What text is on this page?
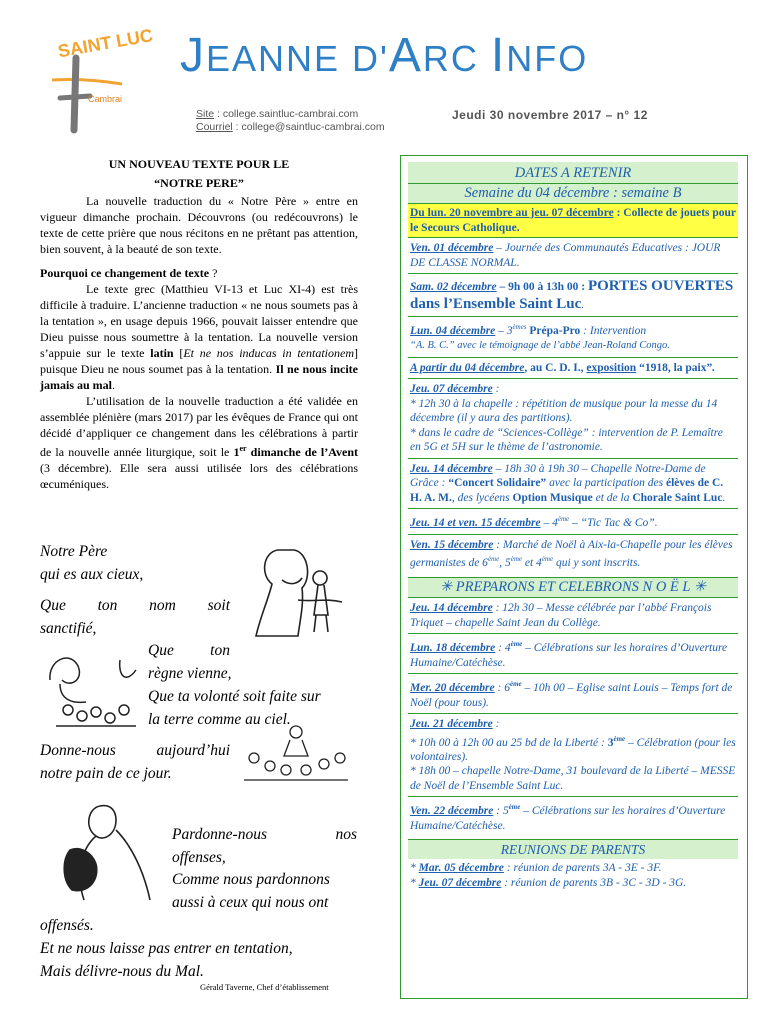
SAINT LUC
Cambrai
JEANNE D'ARC INFO
Site : college.saintluc-cambrai.com
Courriel : college@saintluc-cambrai.com
Jeudi 30 novembre 2017 – n° 12
UN NOUVEAU TEXTE POUR LE
“NOTRE PERE”

La nouvelle traduction du « Notre Père » entre en vigueur dimanche prochain. Découvrons (ou redécouvrons) le texte de cette prière que nous récitons en ne prêtant pas attention, bien souvent, à la beauté de son texte.

Pourquoi ce changement de texte ?

Le texte grec (Matthieu VI-13 et Luc XI-4) est très difficile à traduire. L’ancienne traduction « ne nous soumets pas à la tentation », en usage depuis 1966, pouvait laisser entendre que Dieu puisse nous soumettre à la tentation. La nouvelle version s’appuie sur le texte latin [Et ne nos inducas in tentationem] puisque Dieu ne nous soumet pas à la tentation. Il ne nous incite jamais au mal.

L’utilisation de la nouvelle traduction a été validée en assemblée plénière (mars 2017) par les évêques de France qui ont décidé d’appliquer ce changement dans les célébrations à partir de la nouvelle année liturgique, soit le 1er dimanche de l’Avent (3 décembre). Elle sera aussi utilisée lors des célébrations œcuméniques.

Notre Père
qui es aux cieux,
Que ton nom soit
sanctifié,
Que ton
règne vienne,
Que ta volonté soit faite sur
la terre comme au ciel.
Donne-nous aujourd’hui
notre pain de ce jour.
Pardonne-nous nos
offenses,
Comme nous pardonnons
aussi à ceux qui nous ont
offensés.
Et ne nous laisse pas entrer en tentation,
Mais délivre-nous du Mal.
Gérald Taverne, Chef d’établissement
DATES A RETENIR
Semaine du 04 décembre : semaine B
Du lun. 20 novembre au jeu. 07 décembre : Collecte de jouets pour le Secours Catholique.
Ven. 01 décembre – Journée des Communautés Educatives : JOUR DE CLASSE NORMAL.
Sam. 02 décembre – 9h 00 à 13h 00 : PORTES OUVERTES dans l’Ensemble Saint Luc.
Lun. 04 décembre – 3èmes Prépa-Pro : Intervention
“A. B. C.” avec le témoignage de l’abbé Jean-Roland Congo.
A partir du 04 décembre, au C. D. I., exposition “1918, la paix”.
Jeu. 07 décembre :
* 12h 30 à la chapelle : répétition de musique pour la messe du 14 décembre (il y aura des partitions).
* dans le cadre de “Sciences-Collège” : intervention de P. Lemaître en 5G et 5H sur le thème de l’astronomie.
Jeu. 14 décembre – 18h 30 à 19h 30 – Chapelle Notre-Dame de Grâce : “Concert Solidaire” avec la participation des élèves de C. H. A. M., des lycéens Option Musique et de la Chorale Saint Luc.
Jeu. 14 et ven. 15 décembre – 4ème – “Tic Tac & Co”.
Ven. 15 décembre : Marché de Noël à Aix-la-Chapelle pour les élèves germanistes de 6ème, 5ème et 4ème qui y sont inscrits.
✳ PREPARONS ET CELEBRONS N O Ë L ✳
Jeu. 14 décembre : 12h 30 – Messe célébrée par l’abbé François Triquet – chapelle Saint Jean du Collège.
Lun. 18 décembre : 4ème – Célébrations sur les horaires d’Ouverture Humaine/Catéchèse.
Mer. 20 décembre : 6ème – 10h 00 – Eglise saint Louis – Temps fort de Noël (pour tous).
Jeu. 21 décembre :
* 10h 00 à 12h 00 au 25 bd de la Liberté : 3ème – Célébration (pour les volontaires).
* 18h 00 – chapelle Notre-Dame, 31 boulevard de la Liberté – MESSE de Noël de l’Ensemble Saint Luc.
Ven. 22 décembre : 5ème – Célébrations sur les horaires d’Ouverture Humaine/Catéchèse.
REUNIONS DE PARENTS
* Mar. 05 décembre : réunion de parents 3A - 3E - 3F.
* Jeu. 07 décembre : réunion de parents 3B - 3C - 3D - 3G.
